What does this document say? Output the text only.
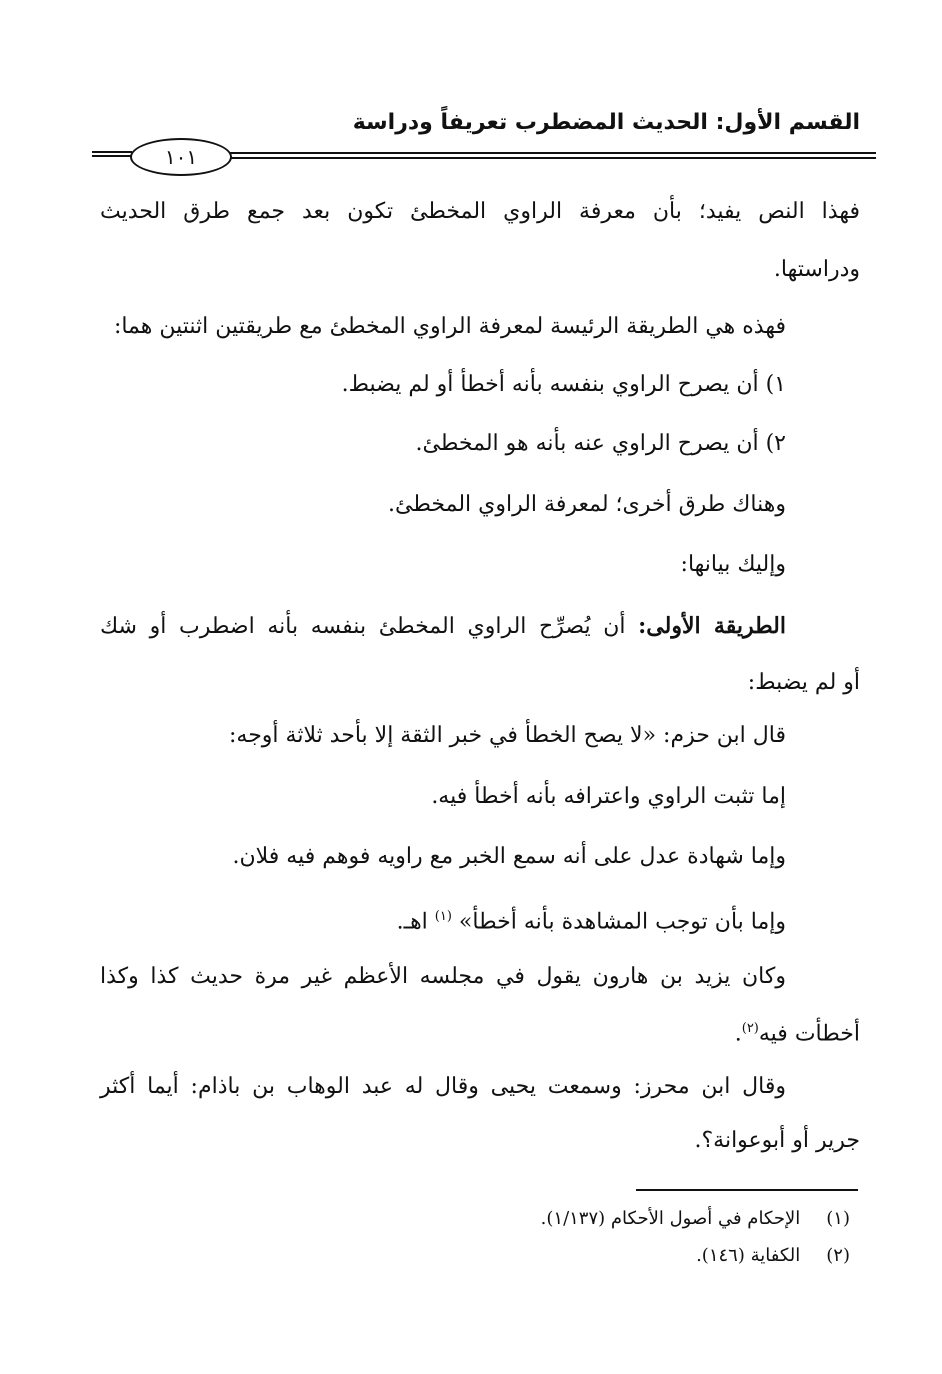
القسم الأول: الحديث المضطرب تعريفاً ودراسة
١٠١
فهذا النص يفيد؛ بأن معرفة الراوي المخطئ تكون بعد جمع طرق الحديث
ودراستها.
فهذه هي الطريقة الرئيسة لمعرفة الراوي المخطئ مع طريقتين اثنتين هما:
١) أن يصرح الراوي بنفسه بأنه أخطأ أو لم يضبط.
٢) أن يصرح الراوي عنه بأنه هو المخطئ.
وهناك طرق أخرى؛ لمعرفة الراوي المخطئ.
وإليك بيانها:
الطريقة الأولى: أن يُصرِّح الراوي المخطئ بنفسه بأنه اضطرب أو شك
أو لم يضبط:
قال ابن حزم: «لا يصح الخطأ في خبر الثقة إلا بأحد ثلاثة أوجه:
إما تثبت الراوي واعترافه بأنه أخطأ فيه.
وإما شهادة عدل على أنه سمع الخبر مع راويه فوهم فيه فلان.
وإما بأن توجب المشاهدة بأنه أخطأ» $^{(١)}$ اهـ.
وكان يزيد بن هارون يقول في مجلسه الأعظم غير مرة حديث كذا وكذا
أخطأت فيه$^{(٢)}$.
وقال ابن محرز: وسمعت يحيى وقال له عبد الوهاب بن باذام: أيما أكثر
جرير أو أبوعوانة؟.
(١) الإحكام في أصول الأحكام (١/١٣٧).
(٢) الكفاية (١٤٦).
